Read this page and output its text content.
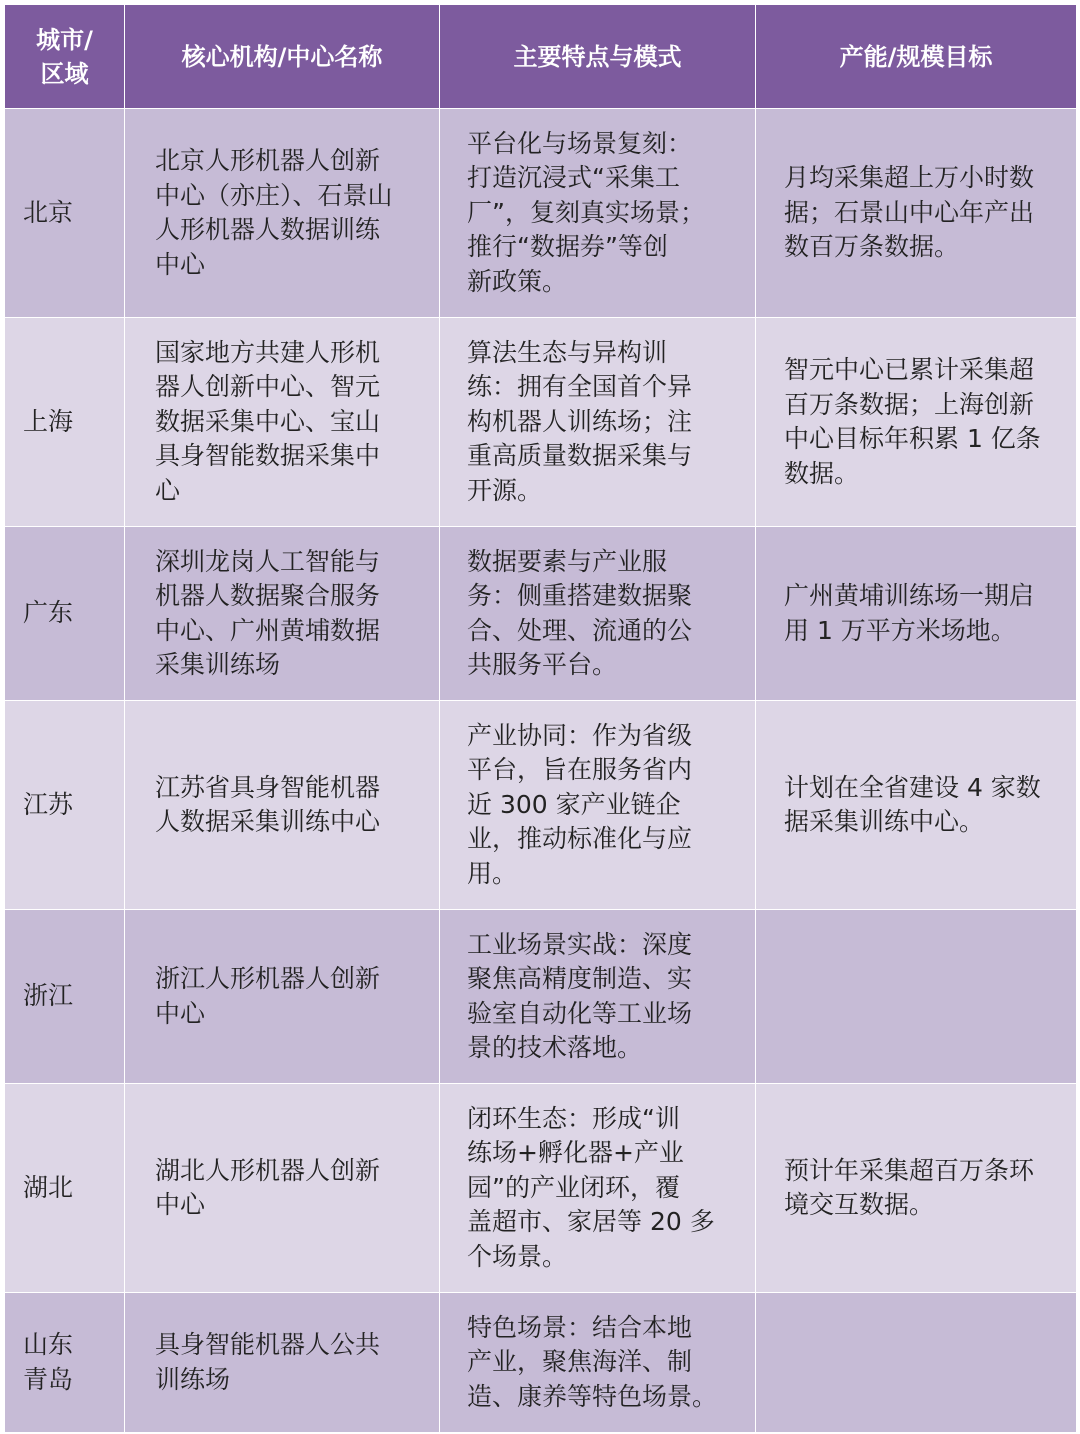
城市/
区域	核心机构/中心名称	主要特点与模式	产能/规模目标

北京	北京人形机器人创新
中心（亦庄）、石景山
人形机器人数据训练
中心	平台化与场景复刻：
打造沉浸式“采集工
厂”，复刻真实场景；
推行“数据券”等创
新政策。	月均采集超上万小时数
据；石景山中心年产出
数百万条数据。

上海	国家地方共建人形机
器人创新中心、智元
数据采集中心、宝山
具身智能数据采集中
心	算法生态与异构训
练：拥有全国首个异
构机器人训练场；注
重高质量数据采集与
开源。	智元中心已累计采集超
百万条数据；上海创新
中心目标年积累 1 亿条
数据。

广东	深圳龙岗人工智能与
机器人数据聚合服务
中心、广州黄埔数据
采集训练场	数据要素与产业服
务：侧重搭建数据聚
合、处理、流通的公
共服务平台。	广州黄埔训练场一期启
用 1 万平方米场地。

江苏	江苏省具身智能机器
人数据采集训练中心	产业协同：作为省级
平台，旨在服务省内
近 300 家产业链企
业，推动标准化与应
用。	计划在全省建设 4 家数
据采集训练中心。

浙江	浙江人形机器人创新
中心	工业场景实战：深度
聚焦高精度制造、实
验室自动化等工业场
景的技术落地。	

湖北	湖北人形机器人创新
中心	闭环生态：形成“训
练场+孵化器+产业
园”的产业闭环，覆
盖超市、家居等 20 多
个场景。	预计年采集超百万条环
境交互数据。

山东
青岛	具身智能机器人公共
训练场	特色场景：结合本地
产业，聚焦海洋、制
造、康养等特色场景。	
